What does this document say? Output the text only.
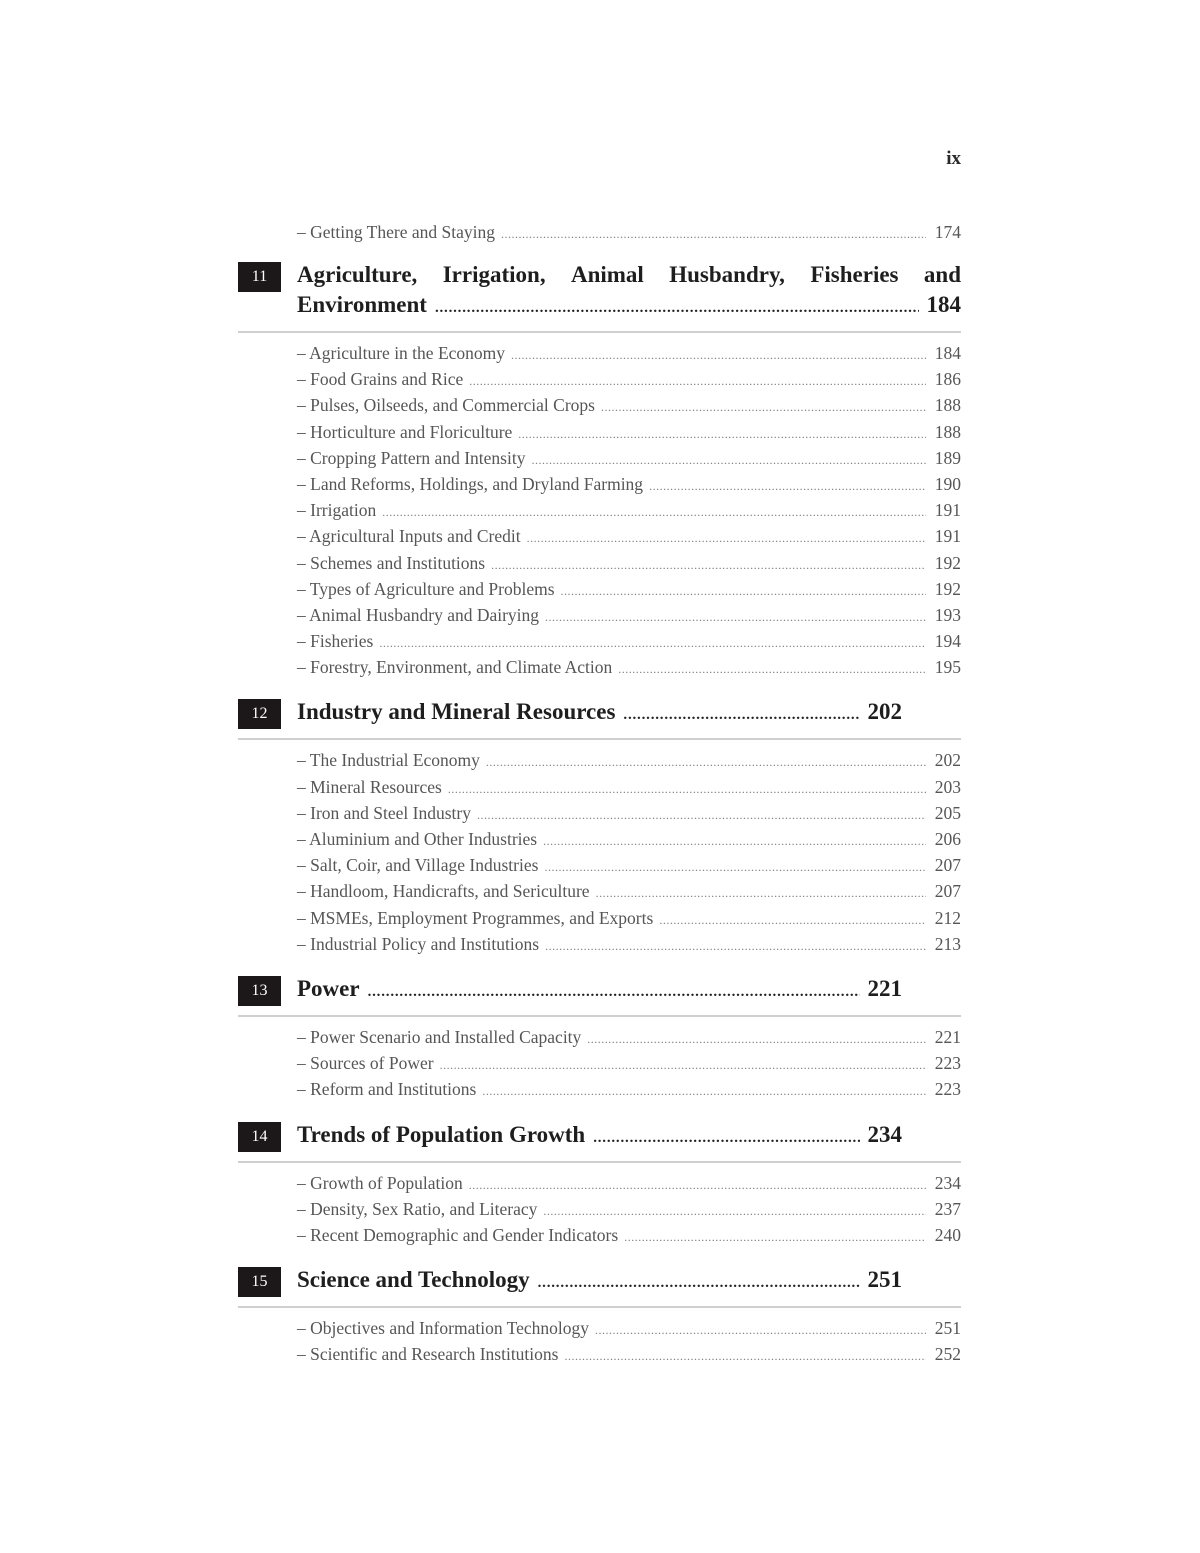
ix
– Getting There and Staying .....	174
11	Agriculture, Irrigation, Animal Husbandry, Fisheries and
Environment .....	184
– Agriculture in the Economy .....	184
– Food Grains and Rice .....	186
– Pulses, Oilseeds, and Commercial Crops .....	188
– Horticulture and Floriculture .....	188
– Cropping Pattern and Intensity .....	189
– Land Reforms, Holdings, and Dryland Farming .....	190
– Irrigation .....	191
– Agricultural Inputs and Credit .....	191
– Schemes and Institutions .....	192
– Types of Agriculture and Problems .....	192
– Animal Husbandry and Dairying .....	193
– Fisheries .....	194
– Forestry, Environment, and Climate Action .....	195
12	Industry and Mineral Resources .....	202
– The Industrial Economy .....	202
– Mineral Resources .....	203
– Iron and Steel Industry .....	205
– Aluminium and Other Industries .....	206
– Salt, Coir, and Village Industries .....	207
– Handloom, Handicrafts, and Sericulture .....	207
– MSMEs, Employment Programmes, and Exports .....	212
– Industrial Policy and Institutions .....	213
13	Power .....	221
– Power Scenario and Installed Capacity .....	221
– Sources of Power .....	223
– Reform and Institutions .....	223
14	Trends of Population Growth .....	234
– Growth of Population .....	234
– Density, Sex Ratio, and Literacy .....	237
– Recent Demographic and Gender Indicators .....	240
15	Science and Technology .....	251
– Objectives and Information Technology .....	251
– Scientific and Research Institutions .....	252
